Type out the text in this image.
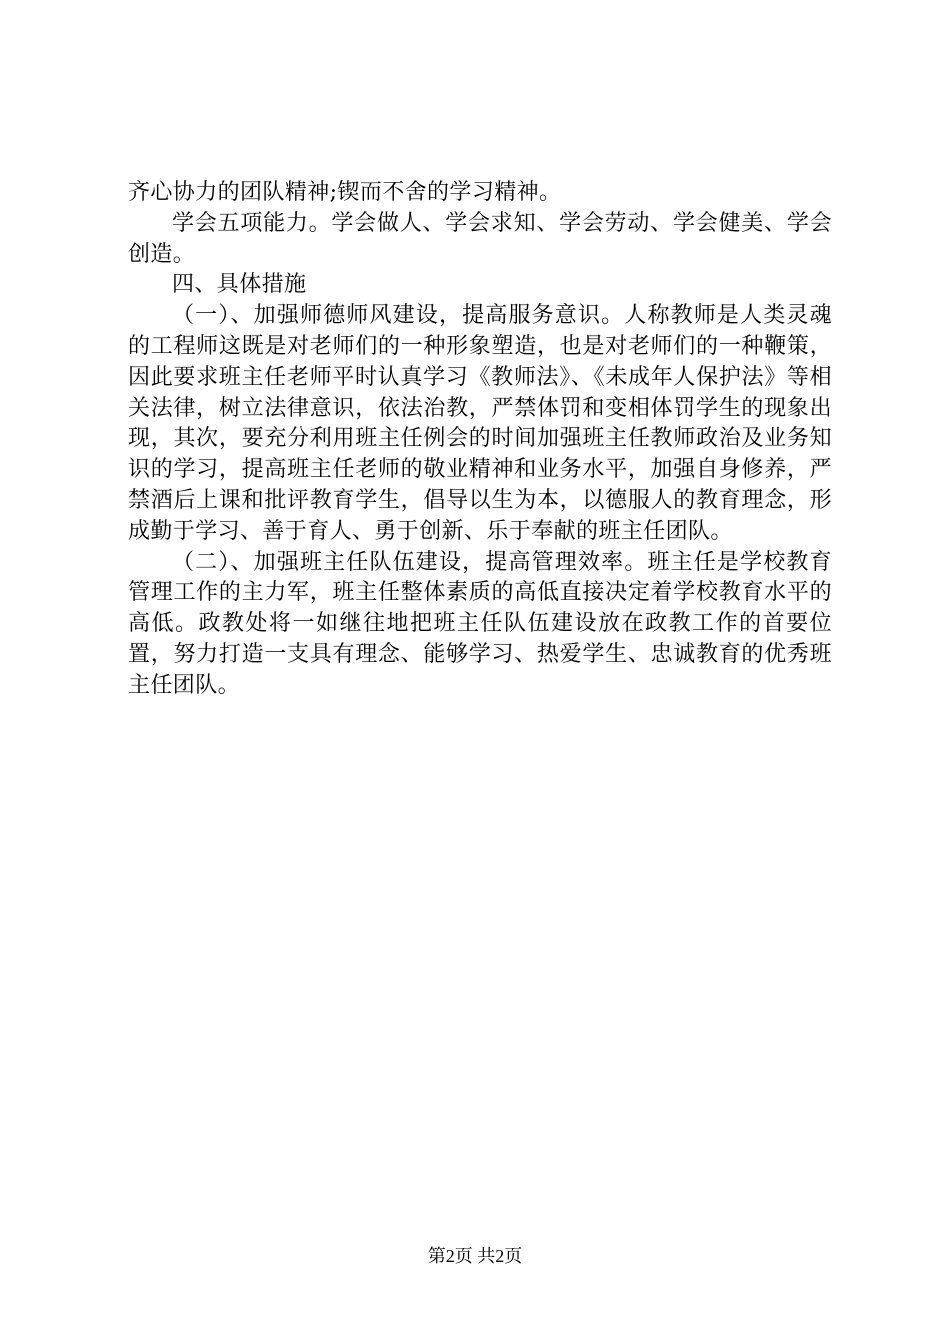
齐心协力的团队精神;锲而不舍的学习精神。

学会五项能力。学会做人、学会求知、学会劳动、学会健美、学会创造。

四、具体措施

（一）、加强师德师风建设，提高服务意识。人称教师是人类灵魂的工程师这既是对老师们的一种形象塑造，也是对老师们的一种鞭策，因此要求班主任老师平时认真学习《教师法》、《未成年人保护法》等相关法律，树立法律意识，依法治教，严禁体罚和变相体罚学生的现象出现，其次，要充分利用班主任例会的时间加强班主任教师政治及业务知识的学习，提高班主任老师的敬业精神和业务水平，加强自身修养，严禁酒后上课和批评教育学生，倡导以生为本，以德服人的教育理念，形成勤于学习、善于育人、勇于创新、乐于奉献的班主任团队。

（二）、加强班主任队伍建设，提高管理效率。班主任是学校教育管理工作的主力军，班主任整体素质的高低直接决定着学校教育水平的高低。政教处将一如继往地把班主任队伍建设放在政教工作的首要位置，努力打造一支具有理念、能够学习、热爱学生、忠诚教育的优秀班主任团队。

第2页 共2页
